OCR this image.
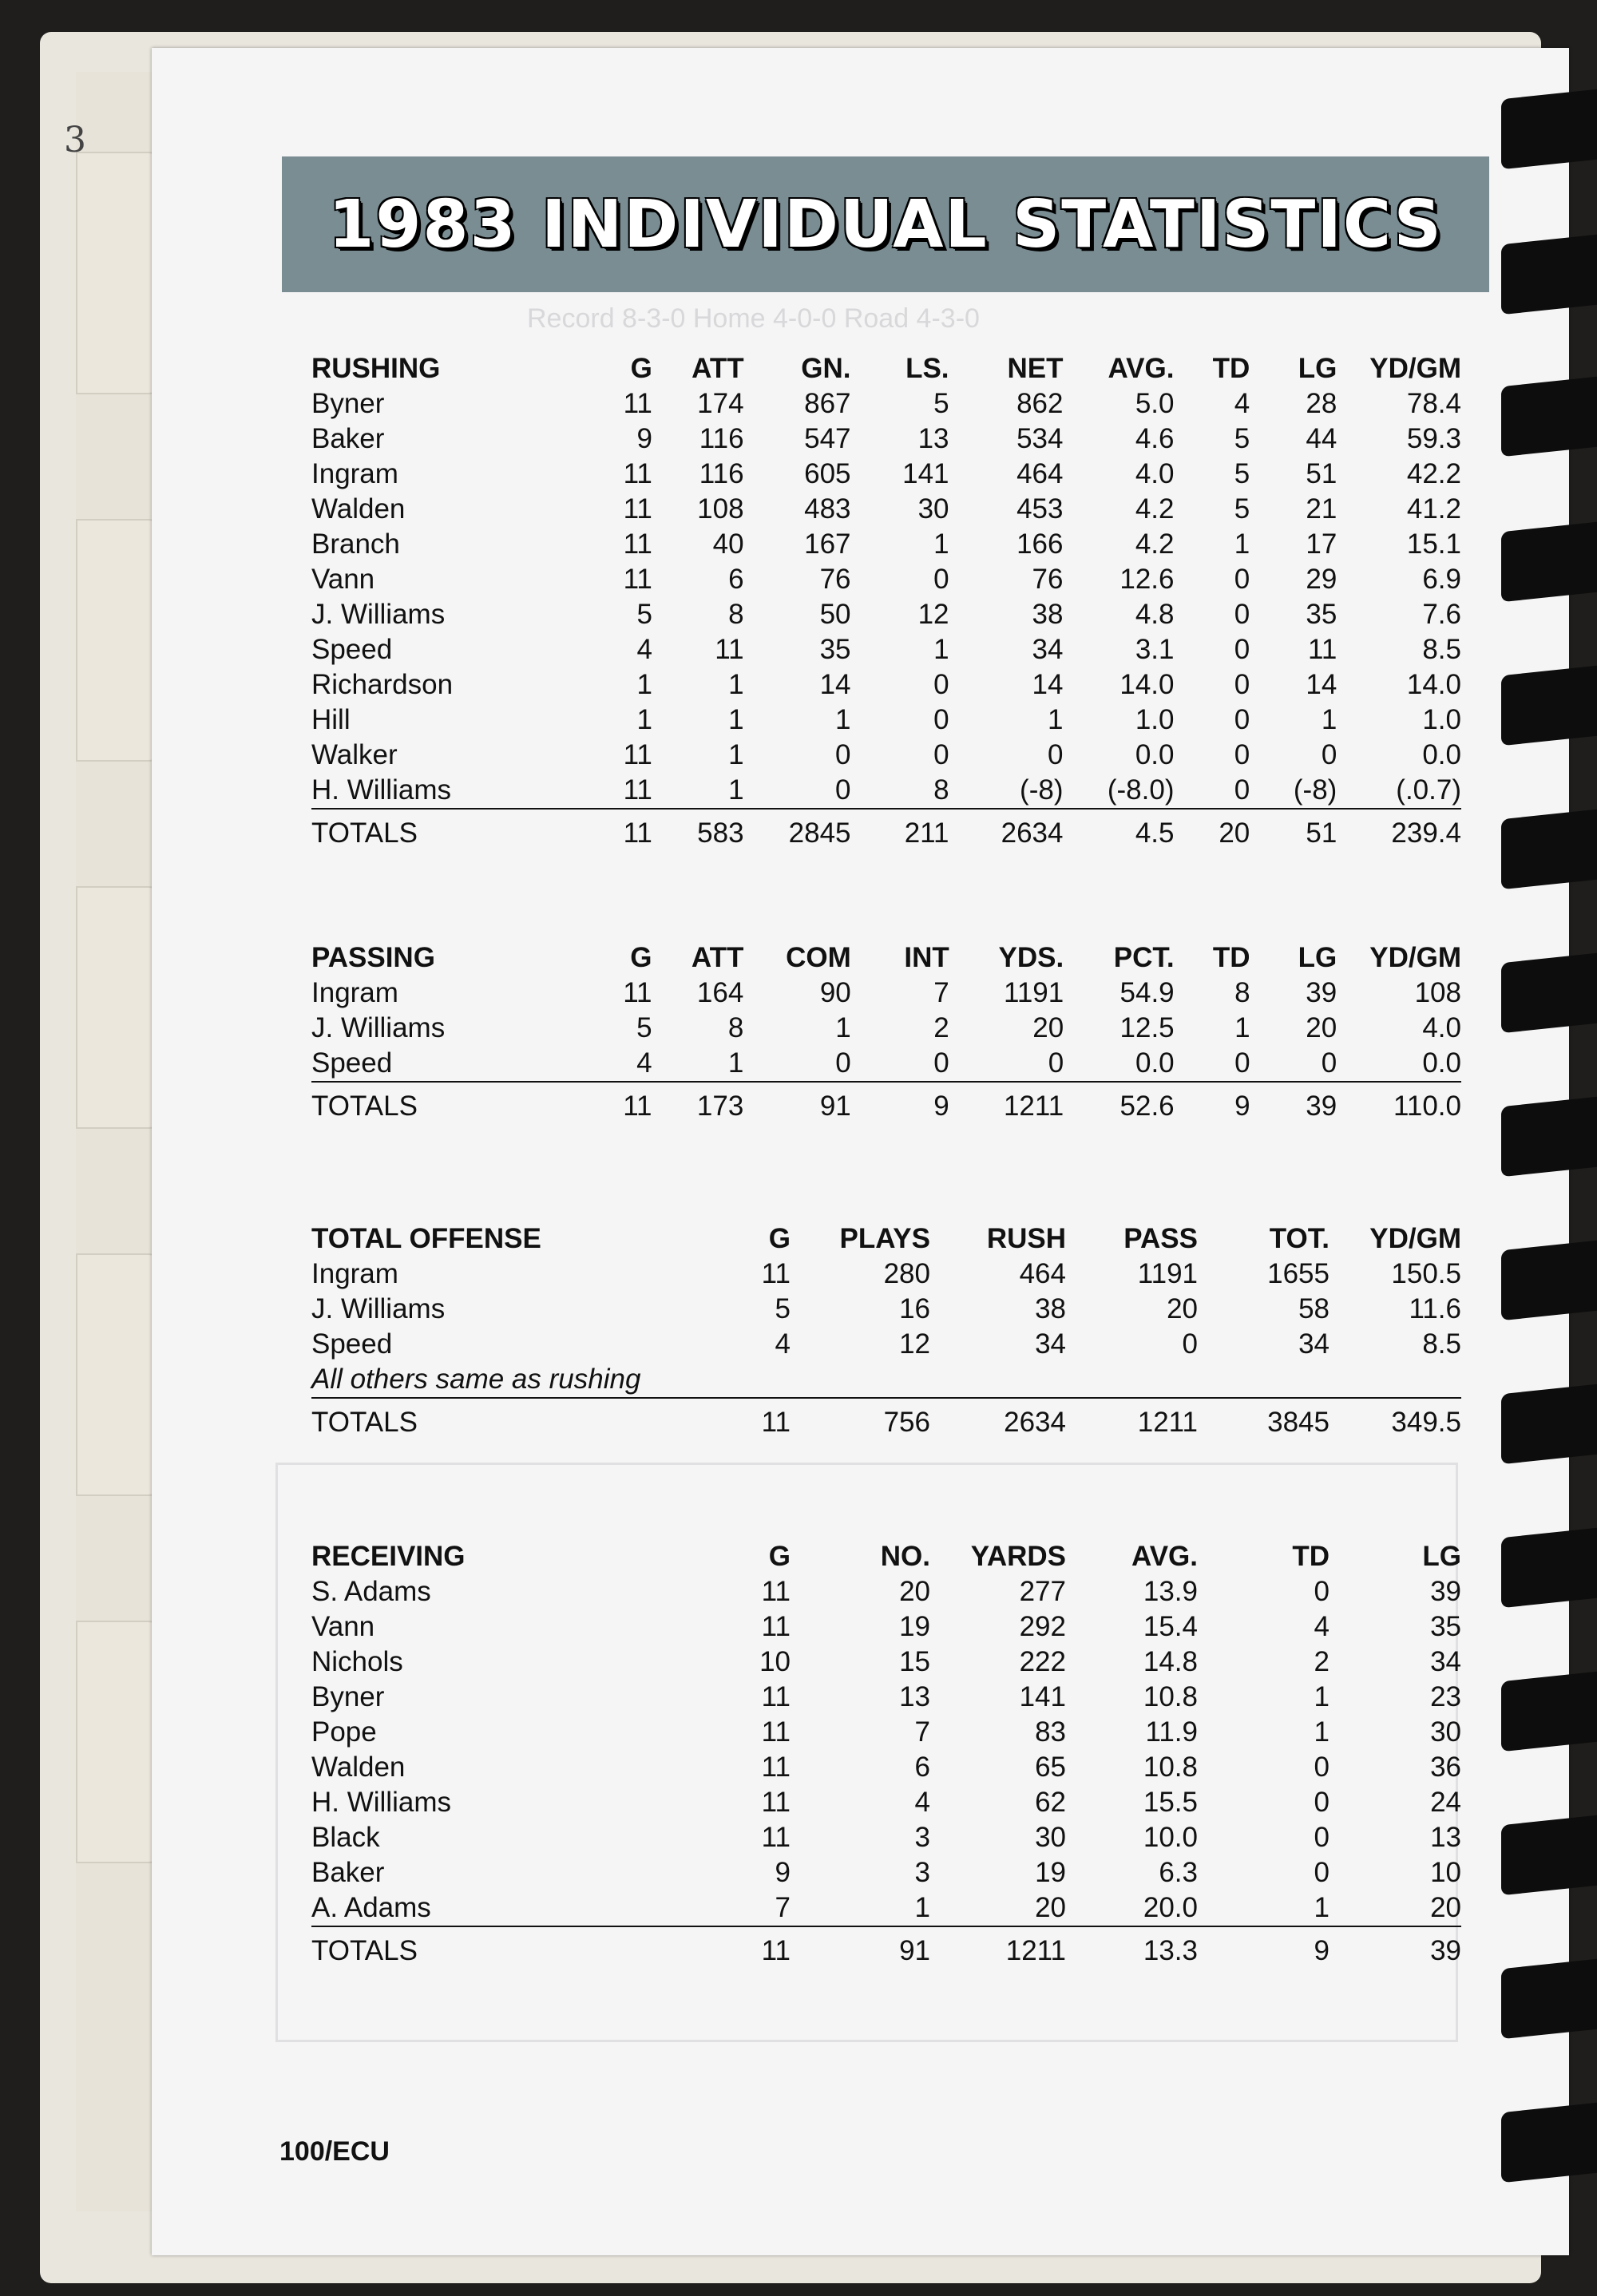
3
1983 INDIVIDUAL STATISTICS
Record 8-3-0 Home 4-0-0 Road 4-3-0
RUSHING	G	ATT	GN.	LS.	NET	AVG.	TD	LG	YD/GM
Byner	11	174	867	5	862	5.0	4	28	78.4
Baker	9	116	547	13	534	4.6	5	44	59.3
Ingram	11	116	605	141	464	4.0	5	51	42.2
Walden	11	108	483	30	453	4.2	5	21	41.2
Branch	11	40	167	1	166	4.2	1	17	15.1
Vann	11	6	76	0	76	12.6	0	29	6.9
J. Williams	5	8	50	12	38	4.8	0	35	7.6
Speed	4	11	35	1	34	3.1	0	11	8.5
Richardson	1	1	14	0	14	14.0	0	14	14.0
Hill	1	1	1	0	1	1.0	0	1	1.0
Walker	11	1	0	0	0	0.0	0	0	0.0
H. Williams	11	1	0	8	(-8)	(-8.0)	0	(-8)	(.0.7)
TOTALS	11	583	2845	211	2634	4.5	20	51	239.4
PASSING	G	ATT	COM	INT	YDS.	PCT.	TD	LG	YD/GM
Ingram	11	164	90	7	1191	54.9	8	39	108
J. Williams	5	8	1	2	20	12.5	1	20	4.0
Speed	4	1	0	0	0	0.0	0	0	0.0
TOTALS	11	173	91	9	1211	52.6	9	39	110.0
TOTAL OFFENSE	G	PLAYS	RUSH	PASS	TOT.	YD/GM
Ingram	11	280	464	1191	1655	150.5
J. Williams	5	16	38	20	58	11.6
Speed	4	12	34	0	34	8.5
All others same as rushing						
TOTALS	11	756	2634	1211	3845	349.5
RECEIVING	G	NO.	YARDS	AVG.	TD	LG
S. Adams	11	20	277	13.9	0	39
Vann	11	19	292	15.4	4	35
Nichols	10	15	222	14.8	2	34
Byner	11	13	141	10.8	1	23
Pope	11	7	83	11.9	1	30
Walden	11	6	65	10.8	0	36
H. Williams	11	4	62	15.5	0	24
Black	11	3	30	10.0	0	13
Baker	9	3	19	6.3	0	10
A. Adams	7	1	20	20.0	1	20
TOTALS	11	91	1211	13.3	9	39
100/ECU
